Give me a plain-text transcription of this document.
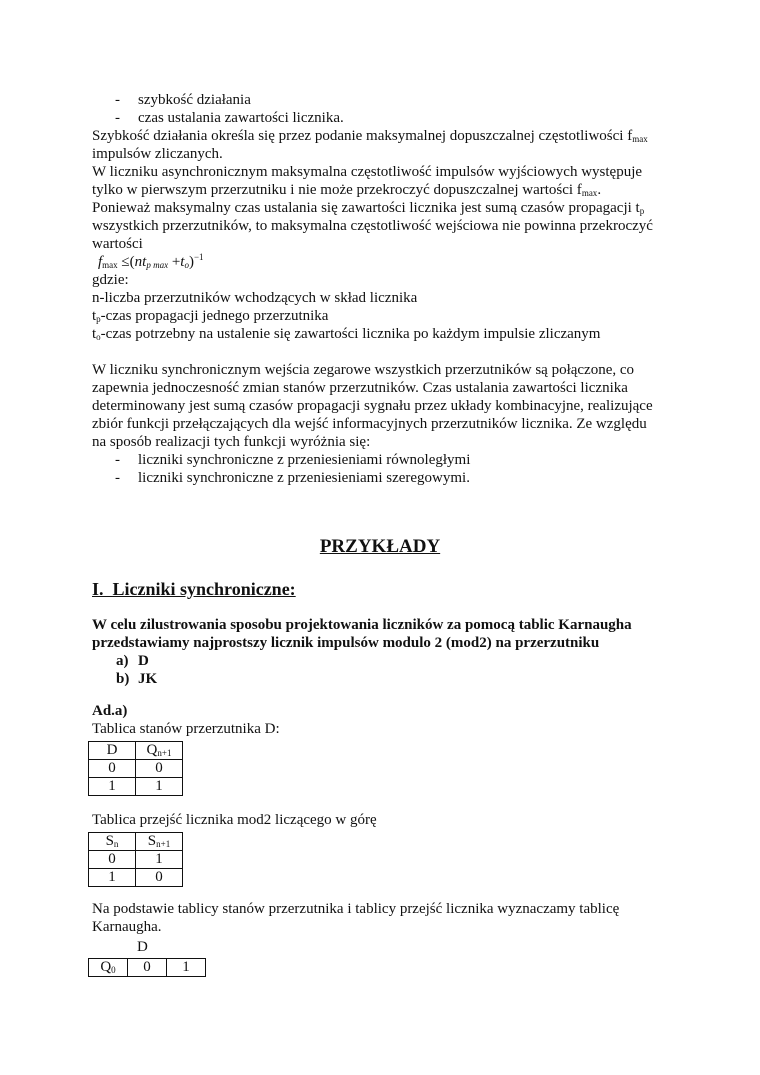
- szybkość działania
- czas ustalania zawartości licznika.
Szybkość działania określa się przez podanie maksymalnej dopuszczalnej częstotliwości $f_{max}$
impulsów zliczanych.
W liczniku asynchronicznym maksymalna częstotliwość impulsów wyjściowych występuje
tylko w pierwszym przerzutniku i nie może przekroczyć dopuszczalnej wartości $f_{max}$.
Ponieważ maksymalny czas ustalania się zawartości licznika jest sumą czasów propagacji $t_p$
wszystkich przerzutników, to maksymalna częstotliwość wejściowa nie powinna przekroczyć
wartości
$f_{max} \le(nt_{p max} +t_o)^{-1}$
gdzie:
n-liczba przerzutników wchodzących w skład licznika
$t_p$-czas propagacji jednego przerzutnika
$t_o$-czas potrzebny na ustalenie się zawartości licznika po każdym impulsie zliczanym
W liczniku synchronicznym wejścia zegarowe wszystkich przerzutników są połączone, co
zapewnia jednoczesność zmian stanów przerzutników. Czas ustalania zawartości licznika
determinowany jest sumą czasów propagacji sygnału przez układy kombinacyjne, realizujące
zbiór funkcji przełączających dla wejść informacyjnych przerzutników licznika. Ze względu
na sposób realizacji tych funkcji wyróżnia się:
- liczniki synchroniczne z przeniesieniami równoległymi
- liczniki synchroniczne z przeniesieniami szeregowymi.
PRZYKŁADY
I.  Liczniki synchroniczne:
W celu zilustrowania sposobu projektowania liczników za pomocą tablic Karnaugha
przedstawiamy najprostszy licznik impulsów modulo 2 (mod2) na przerzutniku
a) D
b) JK
Ad.a)
Tablica stanów przerzutnika D:
D	$Q_{n+1}$
0	0
1	1
Tablica przejść licznika mod2 liczącego w górę
$S_n$	$S_{n+1}$
0	1
1	0
Na podstawie tablicy stanów przerzutnika i tablicy przejść licznika wyznaczamy tablicę
Karnaugha.
D
$Q_0$	0	1
